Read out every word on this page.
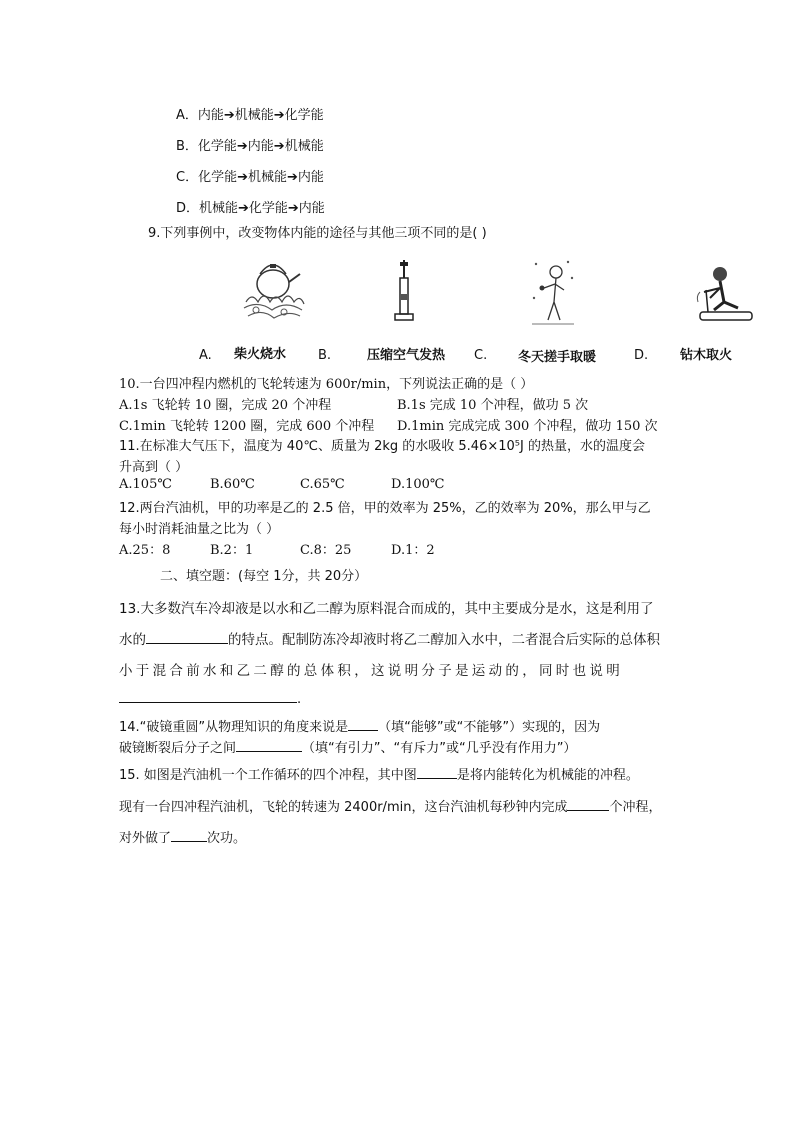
A．内能➔机械能➔化学能
B．化学能➔内能➔机械能
C．化学能➔机械能➔内能
D．机械能➔化学能➔内能
9.下列事例中，改变物体内能的途径与其他三项不同的是( )
A. 柴火烧水 B.	压缩空气发热 C. 冬天搓手取暖	D. 钻木取火
10.一台四冲程内燃机的飞轮转速为 600r/min，下列说法正确的是（ ）
A.1s 飞轮转 10 圈，完成 20 个冲程	B.1s 完成 10 个冲程，做功 5 次
C.1min 飞轮转 1200 圈，完成 600 个冲程 D.1min 完成完成 300 个冲程，做功 150 次
11.在标准大气压下，温度为 40℃、质量为 2kg 的水吸收 5.46×10⁵J 的热量，水的温度会
升高到（ ）
A.105℃	B.60℃	C.65℃	D.100℃
12.两台汽油机，甲的功率是乙的 2.5 倍，甲的效率为 25%，乙的效率为 20%，那么甲与乙
每小时消耗油量之比为（ ）
A.25：8	B.2：1	C.8：25	D.1：2
二、填空题：(每空 1分，共 20分）
13.大多数汽车冷却液是以水和乙二醇为原料混合而成的，其中主要成分是水，这是利用了
水的	的特点。配制防冻冷却液时将乙二醇加入水中，二者混合后实际的总体积
小于混合前水和乙二醇的总体积，这说明分子是运动的，同时也说明
.
14.“破镜重圆”从物理知识的角度来说是 （填“能够”或“不能够”）实现的，因为
破镜断裂后分子之间	（填“有引力”、“有斥力”或“几乎没有作用力”）
15. 如图是汽油机一个工作循环的四个冲程，其中图	是将内能转化为机械能的冲程。
现有一台四冲程汽油机，飞轮的转速为 2400r/min，这台汽油机每秒钟内完成	个冲程，
对外做了	次功。
